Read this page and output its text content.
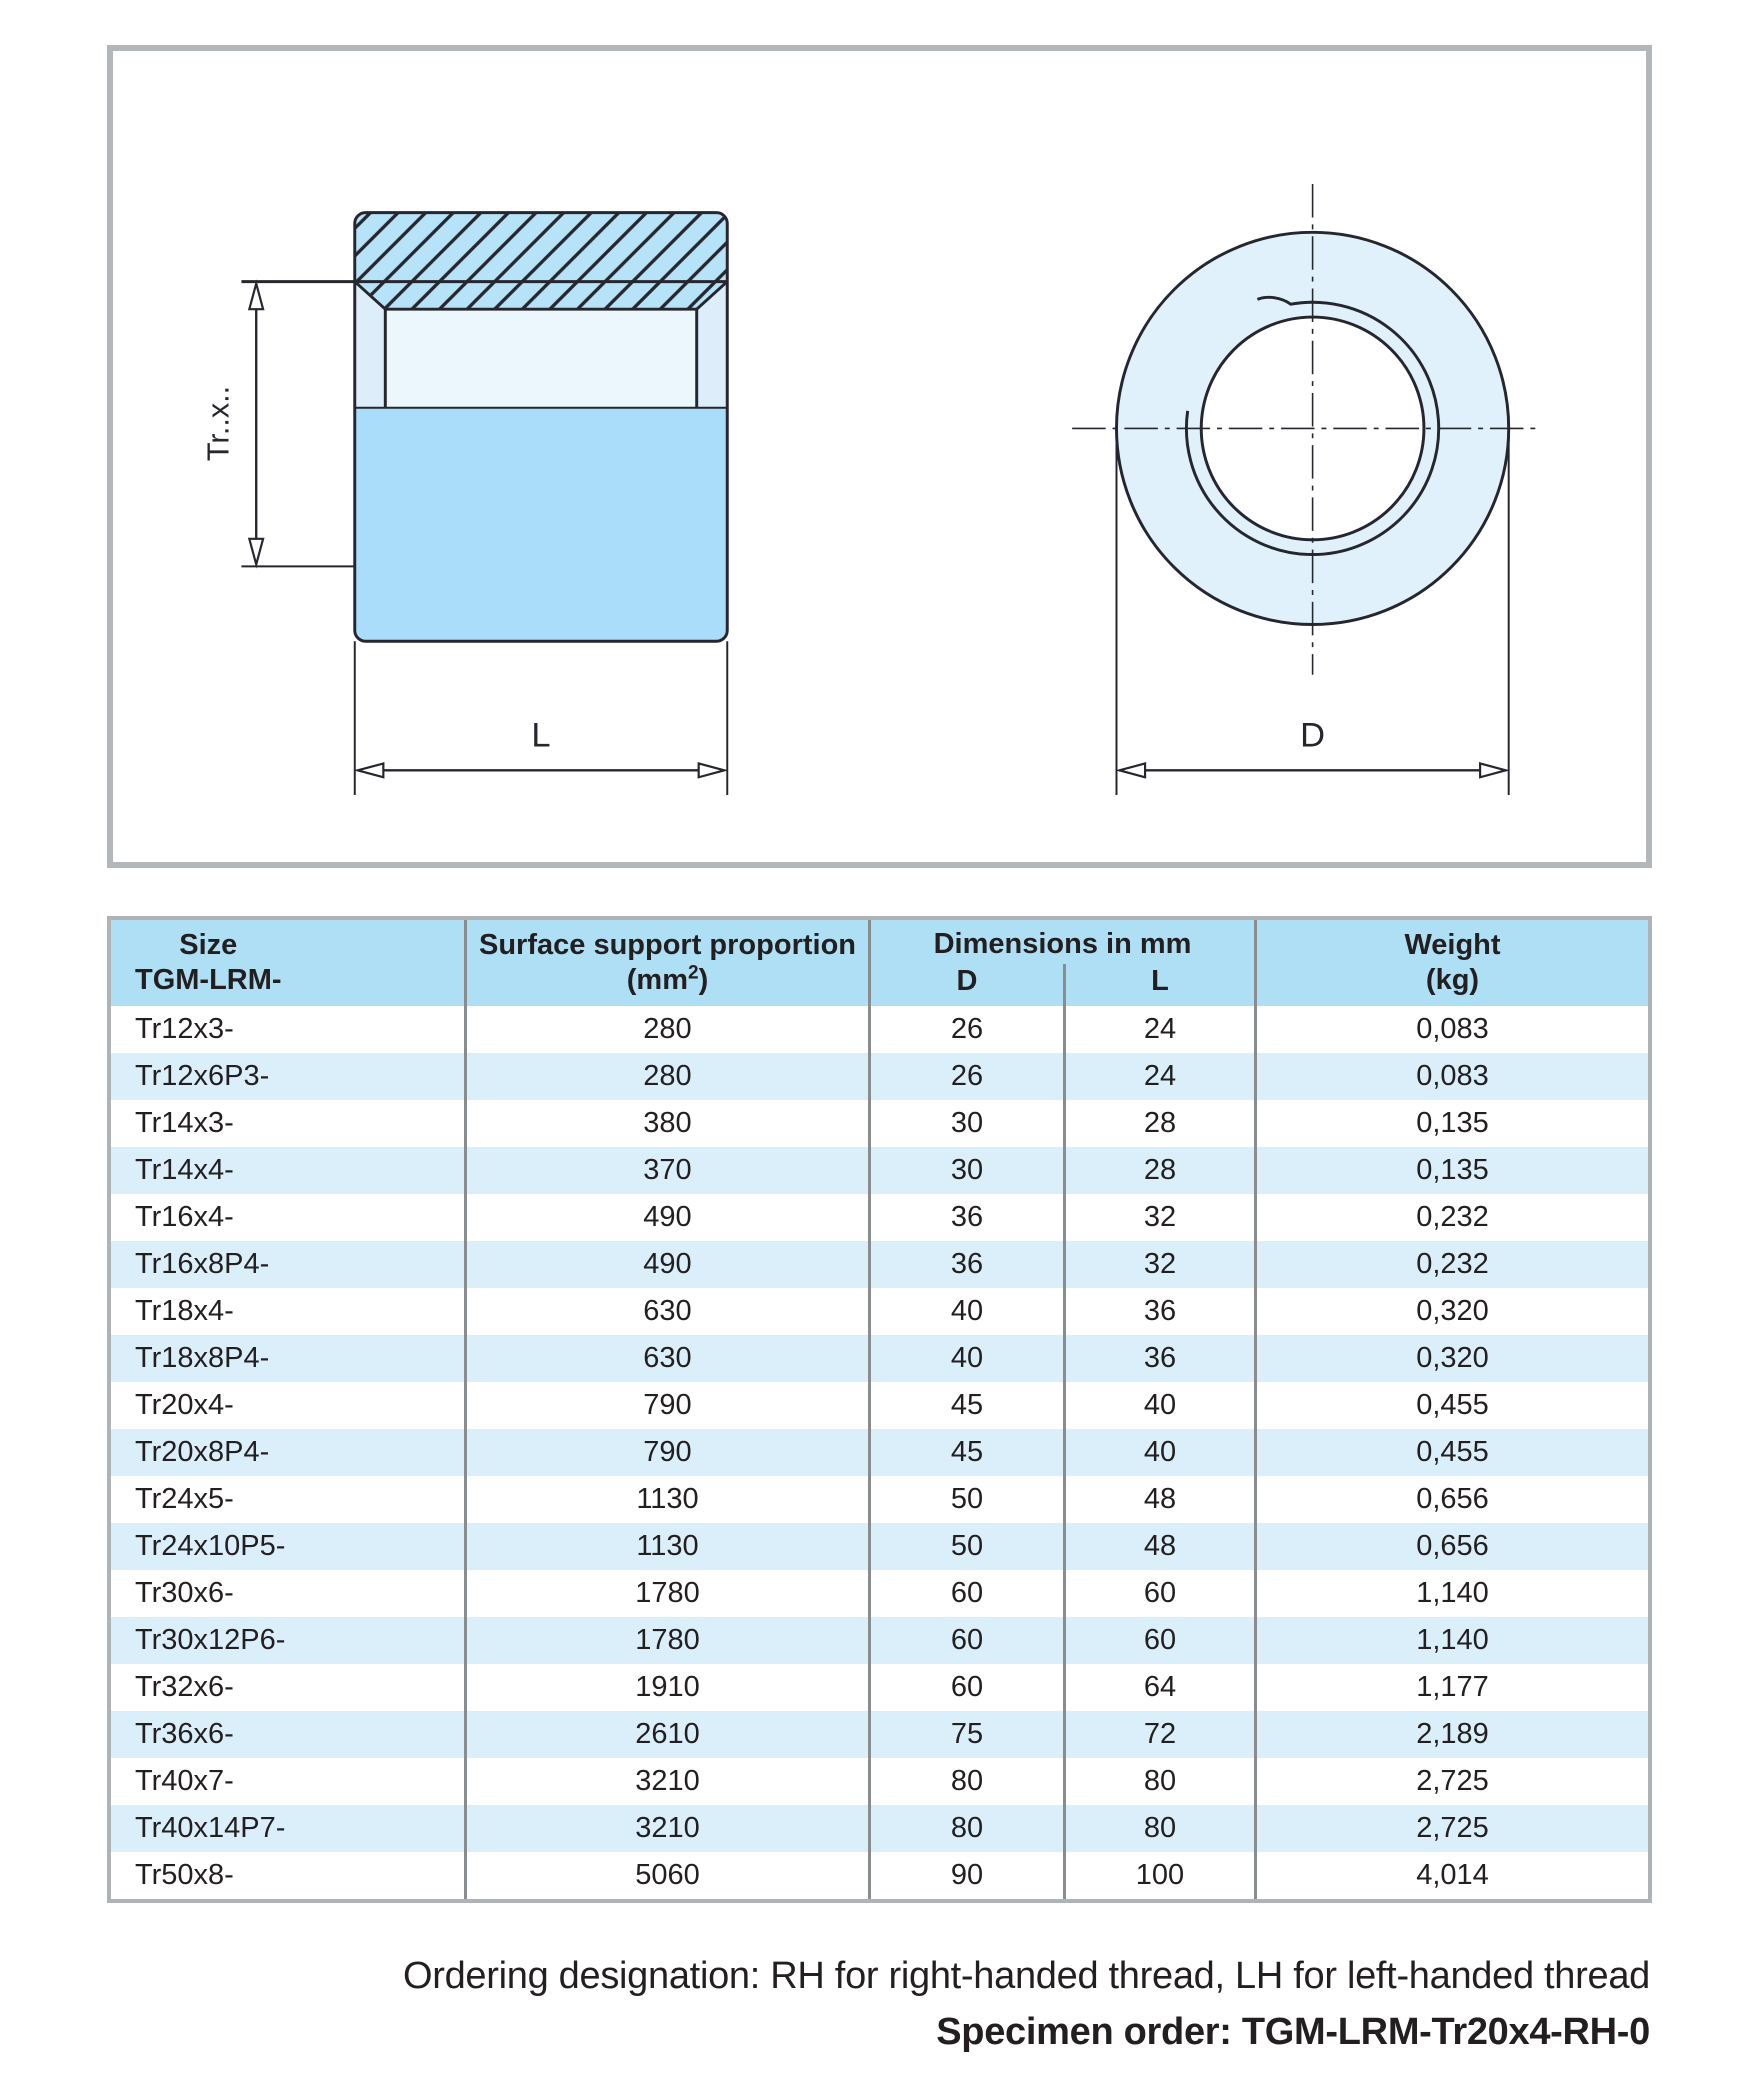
Tr..x..
L	D
Size
TGM-LRM-
Surface support proportion
$(mm^2)$
Dimensions in mm
D	L
Weight
(kg)
Tr12x3-	280	26	24	0,083
Tr12x6P3-	280	26	24	0,083
Tr14x3-	380	30	28	0,135
Tr14x4-	370	30	28	0,135
Tr16x4-	490	36	32	0,232
Tr16x8P4-	490	36	32	0,232
Tr18x4-	630	40	36	0,320
Tr18x8P4-	630	40	36	0,320
Tr20x4-	790	45	40	0,455
Tr20x8P4-	790	45	40	0,455
Tr24x5-	1130	50	48	0,656
Tr24x10P5-	1130	50	48	0,656
Tr30x6-	1780	60	60	1,140
Tr30x12P6-	1780	60	60	1,140
Tr32x6-	1910	60	64	1,177
Tr36x6-	2610	75	72	2,189
Tr40x7-	3210	80	80	2,725
Tr40x14P7-	3210	80	80	2,725
Tr50x8-	5060	90	100	4,014
Ordering designation: RH for right-handed thread, LH for left-handed thread
Specimen order: TGM-LRM-Tr20x4-RH-0
